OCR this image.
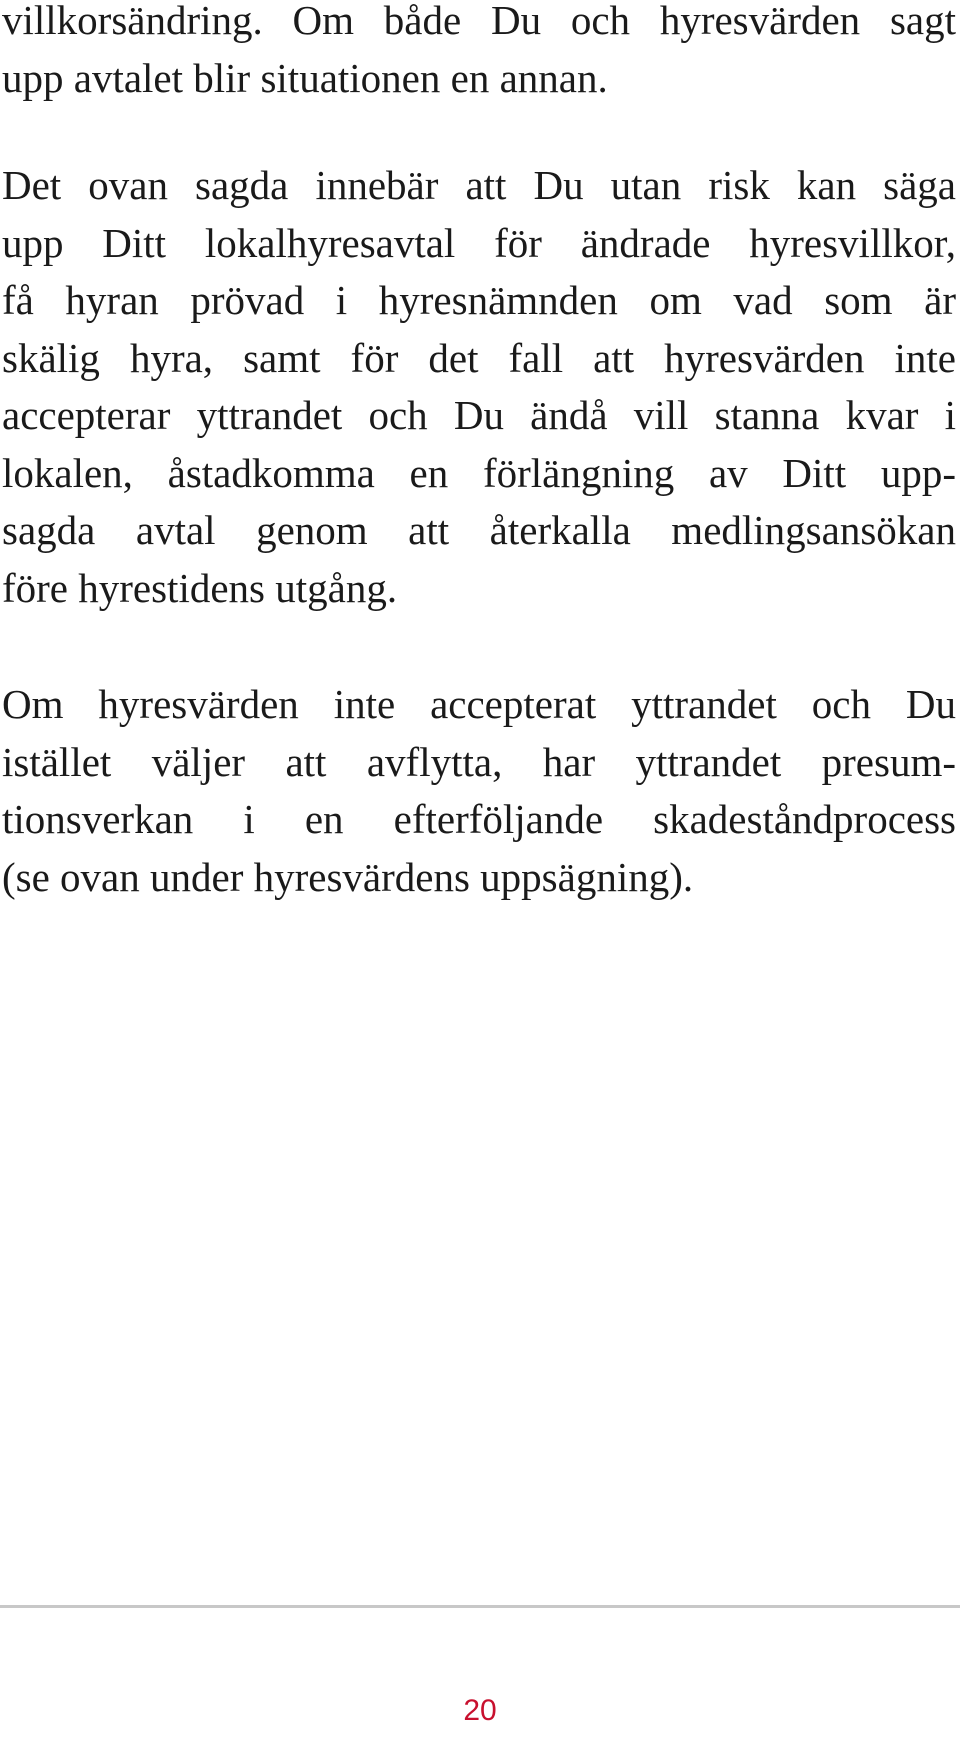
villkorsändring. Om både Du och hyresvärden sagt
upp avtalet blir situationen en annan.
Det ovan sagda innebär att Du utan risk kan säga
upp Ditt lokalhyresavtal för ändrade hyresvillkor,
få hyran prövad i hyresnämnden om vad som är
skälig hyra, samt för det fall att hyresvärden inte
accepterar yttrandet och Du ändå vill stanna kvar i
lokalen, åstadkomma en förlängning av Ditt upp-
sagda avtal genom att återkalla medlingsansökan
före hyrestidens utgång.
Om hyresvärden inte accepterat yttrandet och Du
istället väljer att avflytta, har yttrandet presum-
tionsverkan i en efterföljande skadeståndprocess
(se ovan under hyresvärdens uppsägning).
20
